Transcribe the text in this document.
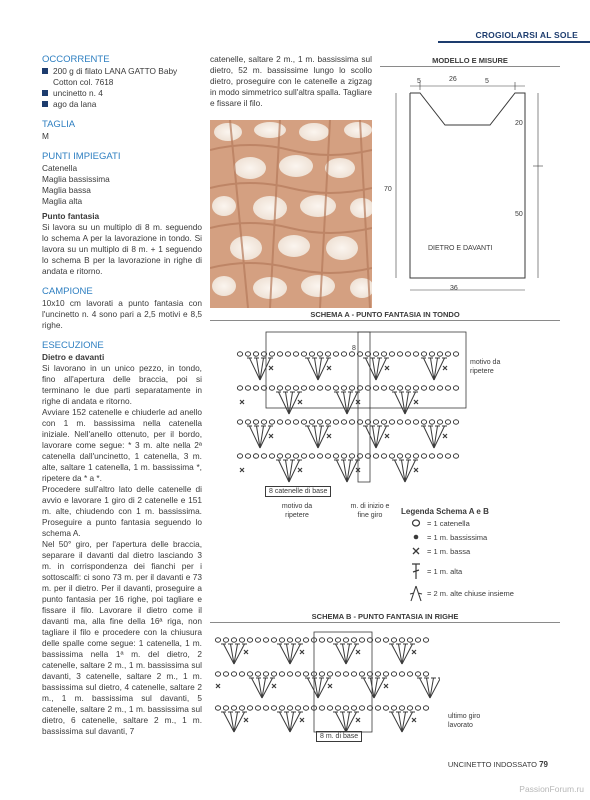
CROGIOLARSI AL SOLE
OCCORRENTE
200 g di filato LANA GATTO Baby Cotton col. 7618
uncinetto n. 4
ago da lana
TAGLIA
M
PUNTI IMPIEGATI
Catenella
Maglia bassissima
Maglia bassa
Maglia alta
Punto fantasia
Si lavora su un multiplo di 8 m. seguendo lo schema A per la lavorazione in tondo. Si lavora su un multiplo di 8 m. + 1 seguendo lo schema B per la lavorazione in righe di andata e ritorno.
CAMPIONE
10x10 cm lavorati a punto fantasia con l'uncinetto n. 4 sono pari a 2,5 motivi e 8,5 righe.
ESECUZIONE
Dietro e davanti
Si lavorano in un unico pezzo, in tondo, fino all'apertura delle braccia, poi si terminano le due parti separatamente in righe di andata e ritorno.
Avviare 152 catenelle e chiuderle ad anello con 1 m. bassissima nella catenella iniziale. Nell'anello ottenuto, per il bordo, lavorare come segue: * 3 m. alte nella 2ª catenella dall'uncinetto, 1 catenella, 3 m. alte, saltare 1 catenella, 1 m. bassissima *, ripetere da * a *.
Procedere sull'altro lato delle catenelle di avvio e lavorare 1 giro di 2 catenelle e 151 m. alte, chiudendo con 1 m. bassissima. Proseguire a punto fantasia seguendo lo schema A.
Nel 50° giro, per l'apertura delle braccia, separare il davanti dal dietro lasciando 3 m. in corrispondenza dei fianchi per i sottoscalfi: ci sono 73 m. per il davanti e 73 m. per il dietro. Per il davanti, proseguire a punto fantasia per 16 righe, poi tagliare e fissare il filo. Lavorare il dietro come il davanti ma, alla fine della 16ª riga, non tagliare il filo e procedere con la chiusura delle spalle come segue: 1 catenella, 1 m. bassissima nella 1ª m. del dietro, 2 catenelle, saltare 2 m., 1 m. bassissima sul davanti, 3 catenelle, saltare 2 m., 1 m. bassissima sul dietro, 4 catenelle, saltare 2 m., 1 m. bassissima sul davanti, 5 catenelle, saltare 2 m., 1 m. bassissima sul dietro, 6 catenelle, saltare 2 m., 1 m. bassissima sul davanti, 7
catenelle, saltare 2 m., 1 m. bassissima sul dietro, 52 m. bassissime lungo lo scollo dietro, proseguire con le catenelle a zigzag in modo simmetrico sull'altra spalla. Tagliare e fissare il filo.
MODELLO E MISURE
5	26	5
20
70
50
DIETRO E DAVANTI
36
SCHEMA A - PUNTO FANTASIA IN TONDO
8
motivo da ripetere
8 catenelle di base
motivo da ripetere
m. di inizio e fine giro	Legenda Schema A e B
= 1 catenella
= 1 m. bassissima
= 1 m. bassa
= 1 m. alta
= 2 m. alte chiuse insieme
SCHEMA B - PUNTO FANTASIA IN RIGHE
8 m. di base
ultimo giro lavorato
UNCINETTO INDOSSATO 79
PassionForum.ru
